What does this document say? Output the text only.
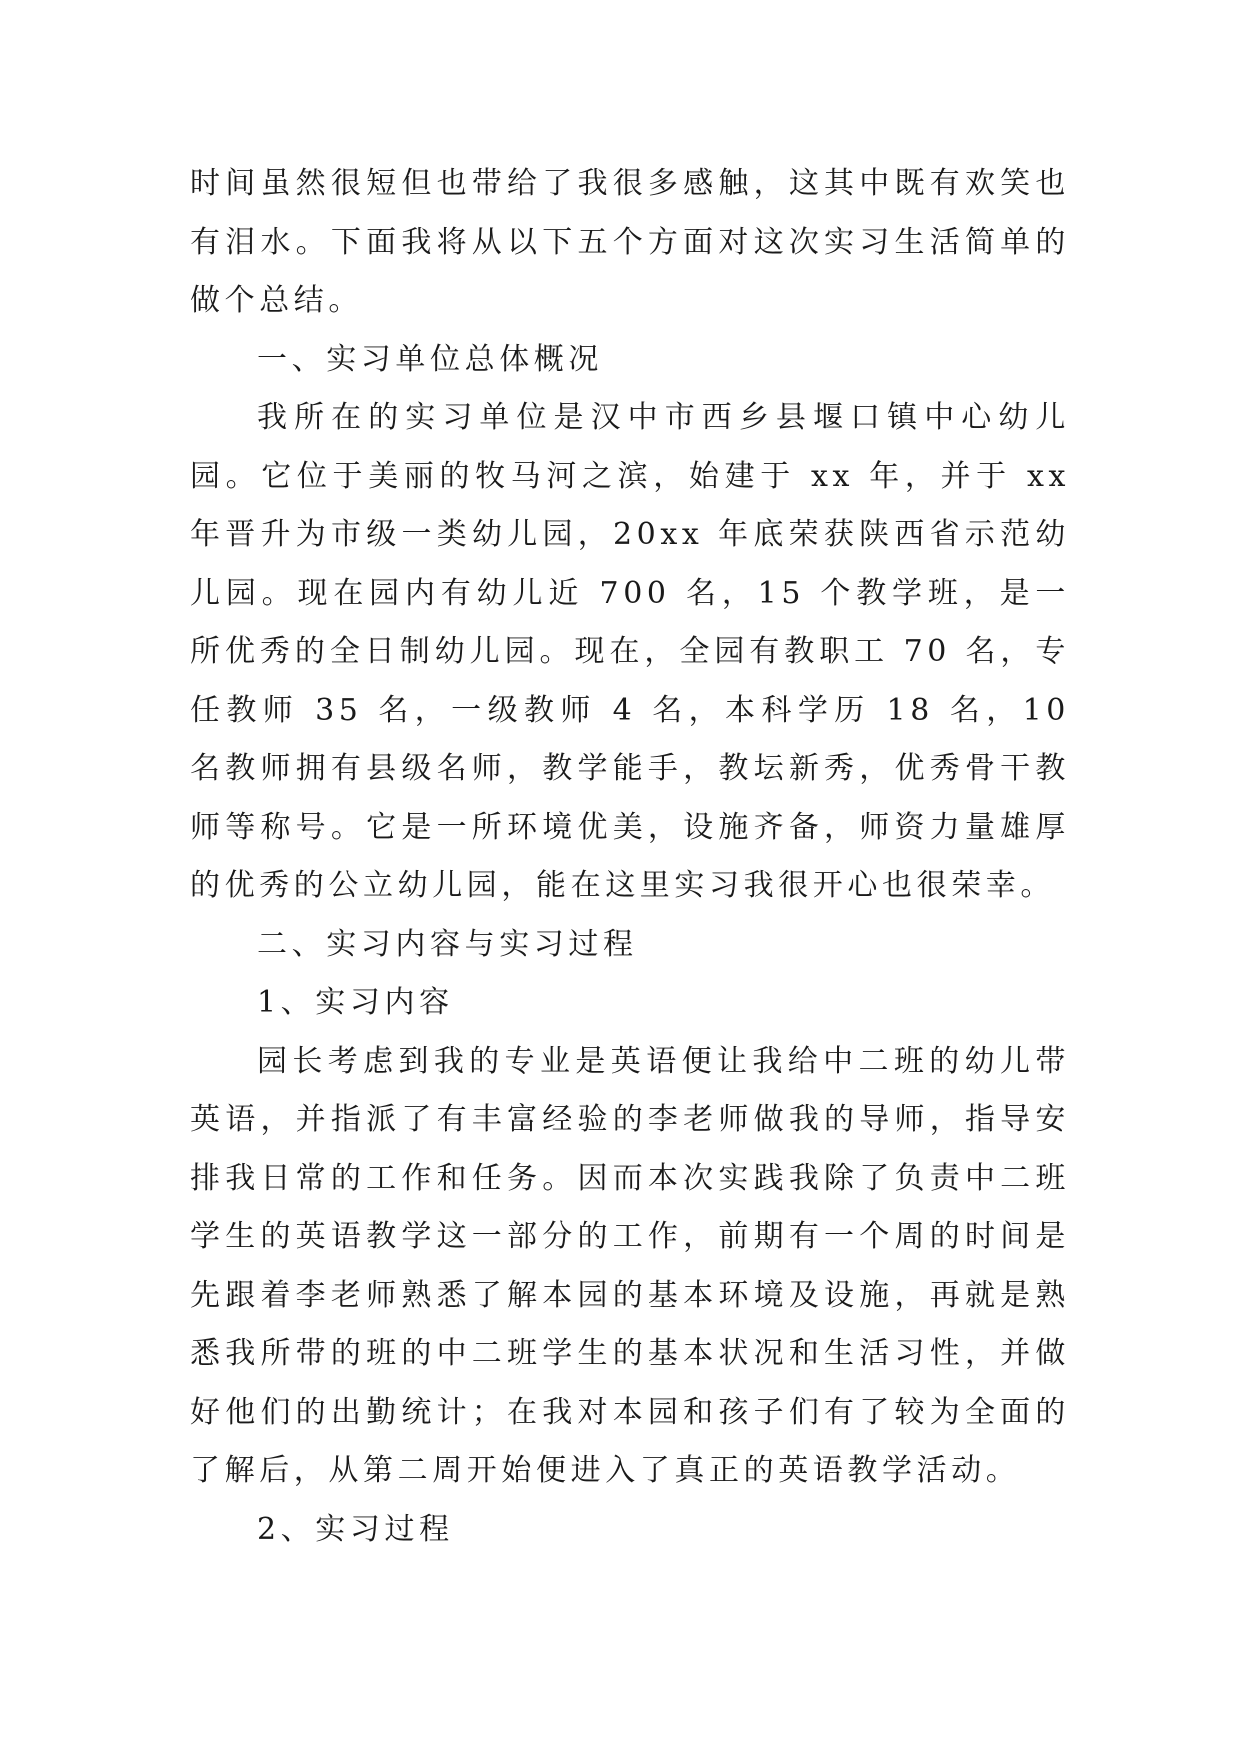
时间虽然很短但也带给了我很多感触，这其中既有欢笑也有泪水。下面我将从以下五个方面对这次实习生活简单的做个总结。

一、实习单位总体概况

我所在的实习单位是汉中市西乡县堰口镇中心幼儿园。它位于美丽的牧马河之滨，始建于 xx 年，并于 xx 年晋升为市级一类幼儿园，20xx 年底荣获陕西省示范幼儿园。现在园内有幼儿近 700 名，15 个教学班，是一所优秀的全日制幼儿园。现在，全园有教职工 70 名，专任教师 35 名，一级教师 4 名，本科学历 18 名，10 名教师拥有县级名师，教学能手，教坛新秀，优秀骨干教师等称号。它是一所环境优美，设施齐备，师资力量雄厚的优秀的公立幼儿园，能在这里实习我很开心也很荣幸。

二、实习内容与实习过程

1、实习内容

园长考虑到我的专业是英语便让我给中二班的幼儿带英语，并指派了有丰富经验的李老师做我的导师，指导安排我日常的工作和任务。因而本次实践我除了负责中二班学生的英语教学这一部分的工作，前期有一个周的时间是先跟着李老师熟悉了解本园的基本环境及设施，再就是熟悉我所带的班的中二班学生的基本状况和生活习性，并做好他们的出勤统计；在我对本园和孩子们有了较为全面的了解后，从第二周开始便进入了真正的英语教学活动。

2、实习过程
